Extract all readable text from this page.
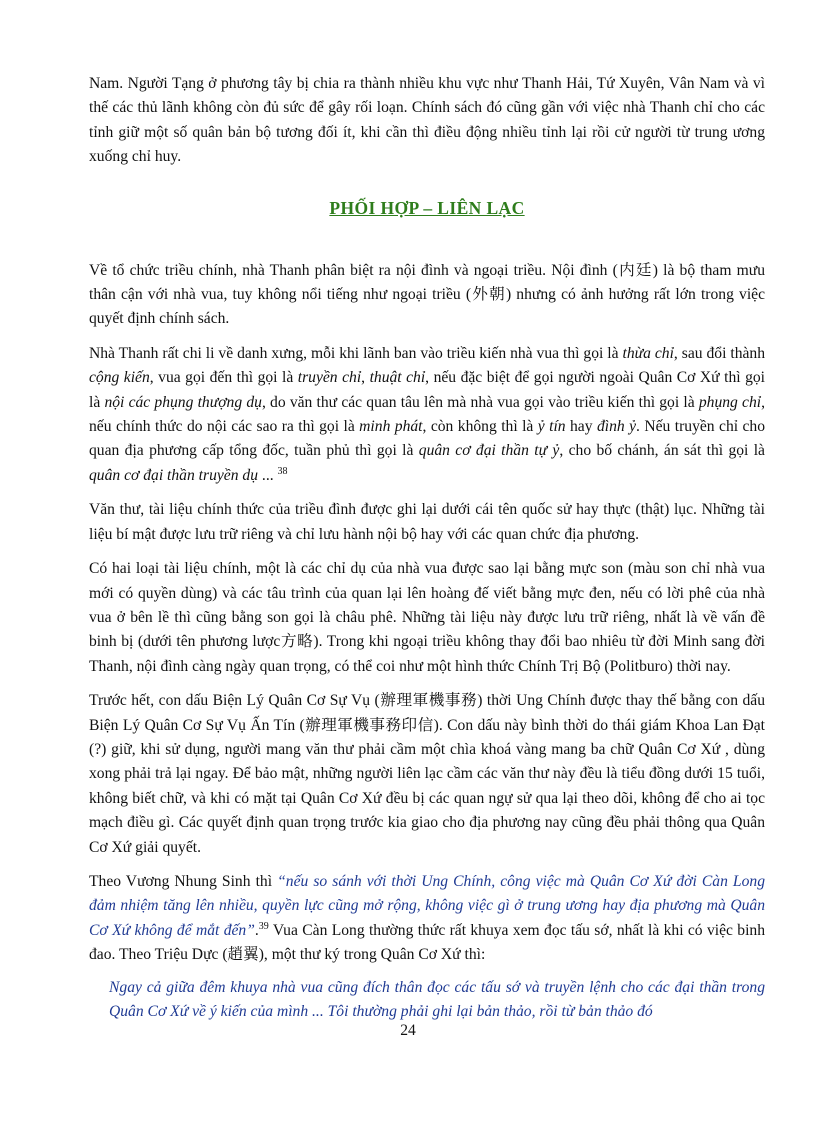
Nam. Người Tạng ở phương tây bị chia ra thành nhiều khu vực như Thanh Hải, Tứ Xuyên, Vân Nam và vì thế các thủ lãnh không còn đủ sức để gây rối loạn. Chính sách đó cũng gần với việc nhà Thanh chỉ cho các tỉnh giữ một số quân bản bộ tương đối ít, khi cần thì điều động nhiều tỉnh lại rồi cử người từ trung ương xuống chỉ huy.

PHỐI HỢP – LIÊN LẠC

Về tổ chức triều chính, nhà Thanh phân biệt ra nội đình và ngoại triều. Nội đình (内廷) là bộ tham mưu thân cận với nhà vua, tuy không nổi tiếng như ngoại triều (外朝) nhưng có ảnh hưởng rất lớn trong việc quyết định chính sách.

Nhà Thanh rất chi li về danh xưng, mỗi khi lãnh ban vào triều kiến nhà vua thì gọi là thừa chỉ, sau đổi thành cộng kiến, vua gọi đến thì gọi là truyền chỉ, thuật chỉ, nếu đặc biệt để gọi người ngoài Quân Cơ Xứ thì gọi là nội các phụng thượng dụ, do văn thư các quan tâu lên mà nhà vua gọi vào triều kiến thì gọi là phụng chỉ, nếu chính thức do nội các sao ra thì gọi là minh phát, còn không thì là ỷ tín hay đình ỷ. Nếu truyền chỉ cho quan địa phương cấp tổng đốc, tuần phủ thì gọi là quân cơ đại thần tự ỷ, cho bố chánh, án sát thì gọi là quân cơ đại thần truyền dụ ... $^{38}$

Văn thư, tài liệu chính thức của triều đình được ghi lại dưới cái tên quốc sử hay thực (thật) lục. Những tài liệu bí mật được lưu trữ riêng và chỉ lưu hành nội bộ hay với các quan chức địa phương.

Có hai loại tài liệu chính, một là các chỉ dụ của nhà vua được sao lại bằng mực son (màu son chỉ nhà vua mới có quyền dùng) và các tâu trình của quan lại lên hoàng đế viết bằng mực đen, nếu có lời phê của nhà vua ở bên lề thì cũng bằng son gọi là châu phê. Những tài liệu này được lưu trữ riêng, nhất là về vấn đề binh bị (dưới tên phương lược方略). Trong khi ngoại triều không thay đổi bao nhiêu từ đời Minh sang đời Thanh, nội đình càng ngày quan trọng, có thể coi như một hình thức Chính Trị Bộ (Politburo) thời nay.

Trước hết, con dấu Biện Lý Quân Cơ Sự Vụ (辦理軍機事務) thời Ung Chính được thay thế bằng con dấu Biện Lý Quân Cơ Sự Vụ Ấn Tín (辦理軍機事務印信). Con dấu này bình thời do thái giám Khoa Lan Đạt (?) giữ, khi sử dụng, người mang văn thư phải cầm một chìa khoá vàng mang ba chữ Quân Cơ Xứ , dùng xong phải trả lại ngay. Để bảo mật, những người liên lạc cầm các văn thư này đều là tiểu đồng dưới 15 tuổi, không biết chữ, và khi có mặt tại Quân Cơ Xứ đều bị các quan ngự sử qua lại theo dõi, không để cho ai tọc mạch điều gì. Các quyết định quan trọng trước kia giao cho địa phương nay cũng đều phải thông qua Quân Cơ Xứ giải quyết.

Theo Vương Nhung Sinh thì “nếu so sánh với thời Ung Chính, công việc mà Quân Cơ Xứ đời Càn Long đảm nhiệm tăng lên nhiều, quyền lực cũng mở rộng, không việc gì ở trung ương hay địa phương mà Quân Cơ Xứ không để mắt đến”.$^{39}$ Vua Càn Long thường thức rất khuya xem đọc tấu sớ, nhất là khi có việc binh đao. Theo Triệu Dực (趙翼), một thư ký trong Quân Cơ Xứ thì:

Ngay cả giữa đêm khuya nhà vua cũng đích thân đọc các tấu sớ và truyền lệnh cho các đại thần trong Quân Cơ Xứ về ý kiến của mình ... Tôi thường phải ghi lại bản thảo, rồi từ bản thảo đó
24
